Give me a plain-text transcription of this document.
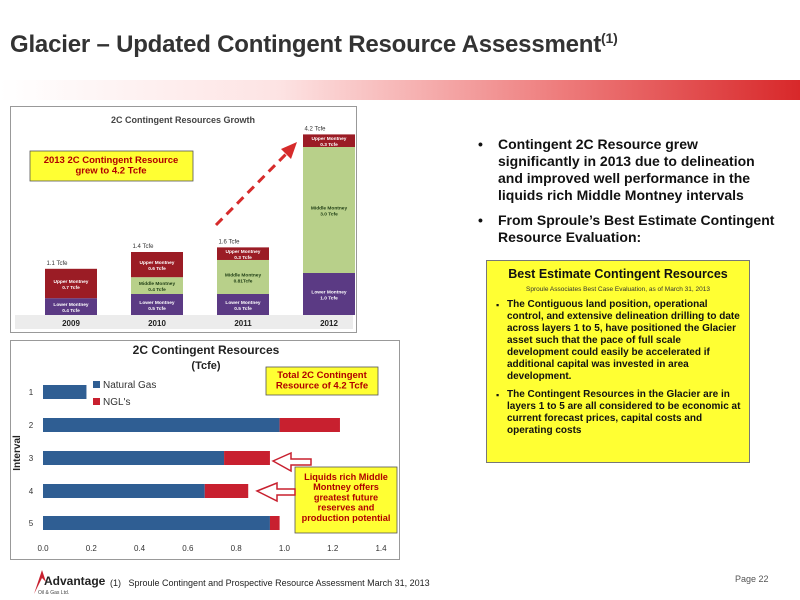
Glacier – Updated Contingent Resource Assessment$^{(1)}$
2C Contingent Resources Growth
Lower Montney 0.4 Tcfe
Upper Montney 0.7 Tcfe
1.1 Tcfe
2009
Lower Montney 0.5 Tcfe
Middle Montney 0.4 Tcfe
Upper Montney 0.6 Tcfe
1.4 Tcfe
2010
Lower Montney 0.5 Tcfe
Middle Montney 0.81Tcfe
Upper Montney 0.3 Tcfe
1.6 Tcfe
2011
Lower Montney 1.0 Tcfe
Middle Montney 3.0 Tcfe
Upper Montney 0.3 Tcfe
4.2 Tcfe
2012
2013 2C Contingent Resource grew to 4.2 Tcfe
2C Contingent Resources
(Tcfe)
1
2
3
4
5
0.0	0.2	0.4	0.6	0.8	1.0	1.2	1.4
Interval
Natural Gas
NGL's
Total 2C Contingent Resource of 4.2 Tcfe
Liquids rich Middle Montney offers greatest future reserves and production potential
• Contingent 2C Resource grew significantly in 2013 due to delineation and improved well performance in the liquids rich Middle Montney intervals
• From Sproule’s Best Estimate Contingent Resource Evaluation:
Best Estimate Contingent Resources
Sproule Associates Best Case Evaluation, as of March 31, 2013
▪ The Contiguous land position, operational control, and extensive delineation drilling to date across layers 1 to 5, have positioned the Glacier asset such that the pace of full scale development could easily be accelerated if additional capital was invested in area development.
▪ The Contingent Resources in the Glacier are in layers 1 to 5 are all considered to be economic at current forecast prices, capital costs and operating costs
Advantage
Oil & Gas Ltd.
(1) Sproule Contingent and Prospective Resource Assessment March 31, 2013	Page 22
